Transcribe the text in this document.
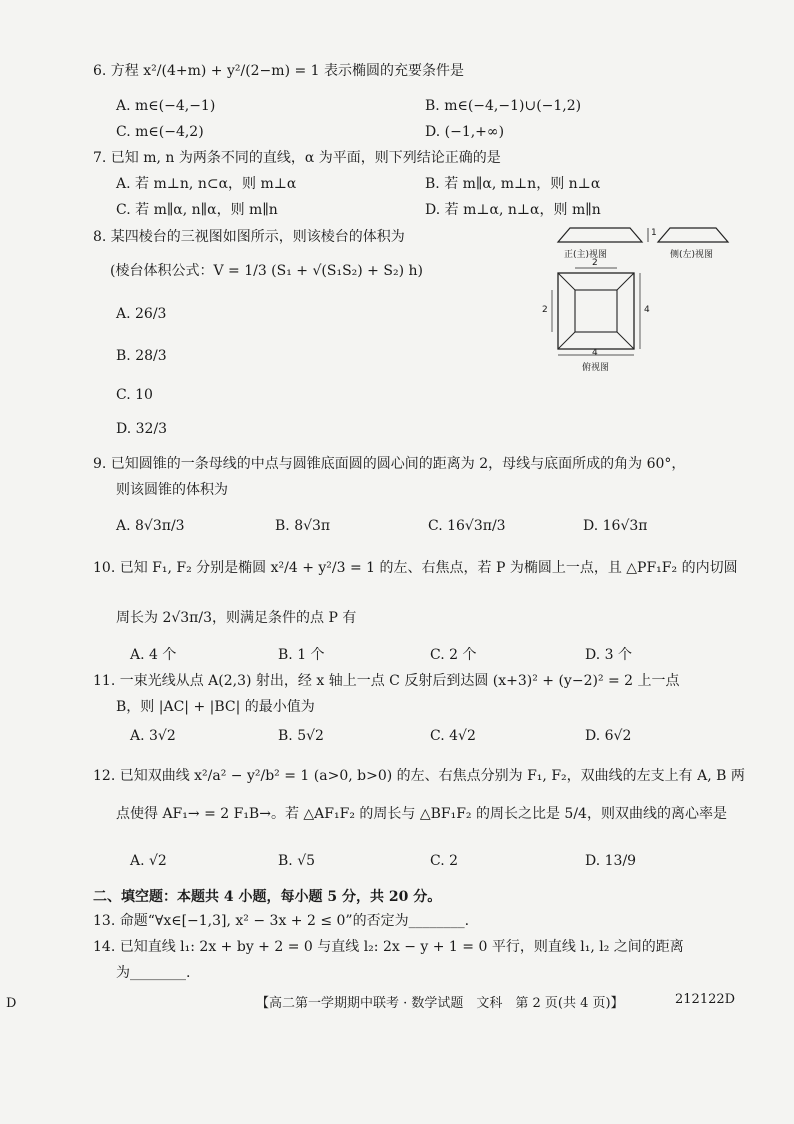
6. 方程 x²/(4+m) + y²/(2−m) = 1 表示椭圆的充要条件是
A. m∈(−4,−1)	B. m∈(−4,−1)∪(−1,2)
C. m∈(−4,2)	D. (−1,+∞)
7. 已知 m, n 为两条不同的直线，α 为平面，则下列结论正确的是
A. 若 m⊥n, n⊂α，则 m⊥α	B. 若 m∥α, m⊥n，则 n⊥α
C. 若 m∥α, n∥α，则 m∥n	D. 若 m⊥α, n⊥α，则 m∥n
8. 某四棱台的三视图如图所示，则该棱台的体积为
(棱台体积公式：V = 1/3 (S₁ + √(S₁S₂) + S₂) h)
A. 26/3
B. 28/3
C. 10
D. 32/3
正(主)视图	侧(左)视图
俯视图
1
2
2	4
4
9. 已知圆锥的一条母线的中点与圆锥底面圆的圆心间的距离为 2，母线与底面所成的角为 60°，
则该圆锥的体积为
A. 8√3π/3	B. 8√3π	C. 16√3π/3	D. 16√3π
10. 已知 F₁, F₂ 分别是椭圆 x²/4 + y²/3 = 1 的左、右焦点，若 P 为椭圆上一点，且 △PF₁F₂ 的内切圆
周长为 2√3π/3，则满足条件的点 P 有
A. 4 个	B. 1 个	C. 2 个	D. 3 个
11. 一束光线从点 A(2,3) 射出，经 x 轴上一点 C 反射后到达圆 (x+3)² + (y−2)² = 2 上一点
B，则 |AC| + |BC| 的最小值为
A. 3√2	B. 5√2	C. 4√2	D. 6√2
12. 已知双曲线 x²/a² − y²/b² = 1 (a>0, b>0) 的左、右焦点分别为 F₁, F₂，双曲线的左支上有 A, B 两
点使得 AF₁→ = 2 F₁B→。若 △AF₁F₂ 的周长与 △BF₁F₂ 的周长之比是 5/4，则双曲线的离心率是
A. √2	B. √5	C. 2	D. 13/9
二、填空题：本题共 4 小题，每小题 5 分，共 20 分。
13. 命题“∀x∈[−1,3], x² − 3x + 2 ≤ 0”的否定为________.
14. 已知直线 l₁: 2x + by + 2 = 0 与直线 l₂: 2x − y + 1 = 0 平行，则直线 l₁, l₂ 之间的距离
为________.
D	【高二第一学期期中联考 · 数学试题　文科　第 2 页(共 4 页)】	212122D
